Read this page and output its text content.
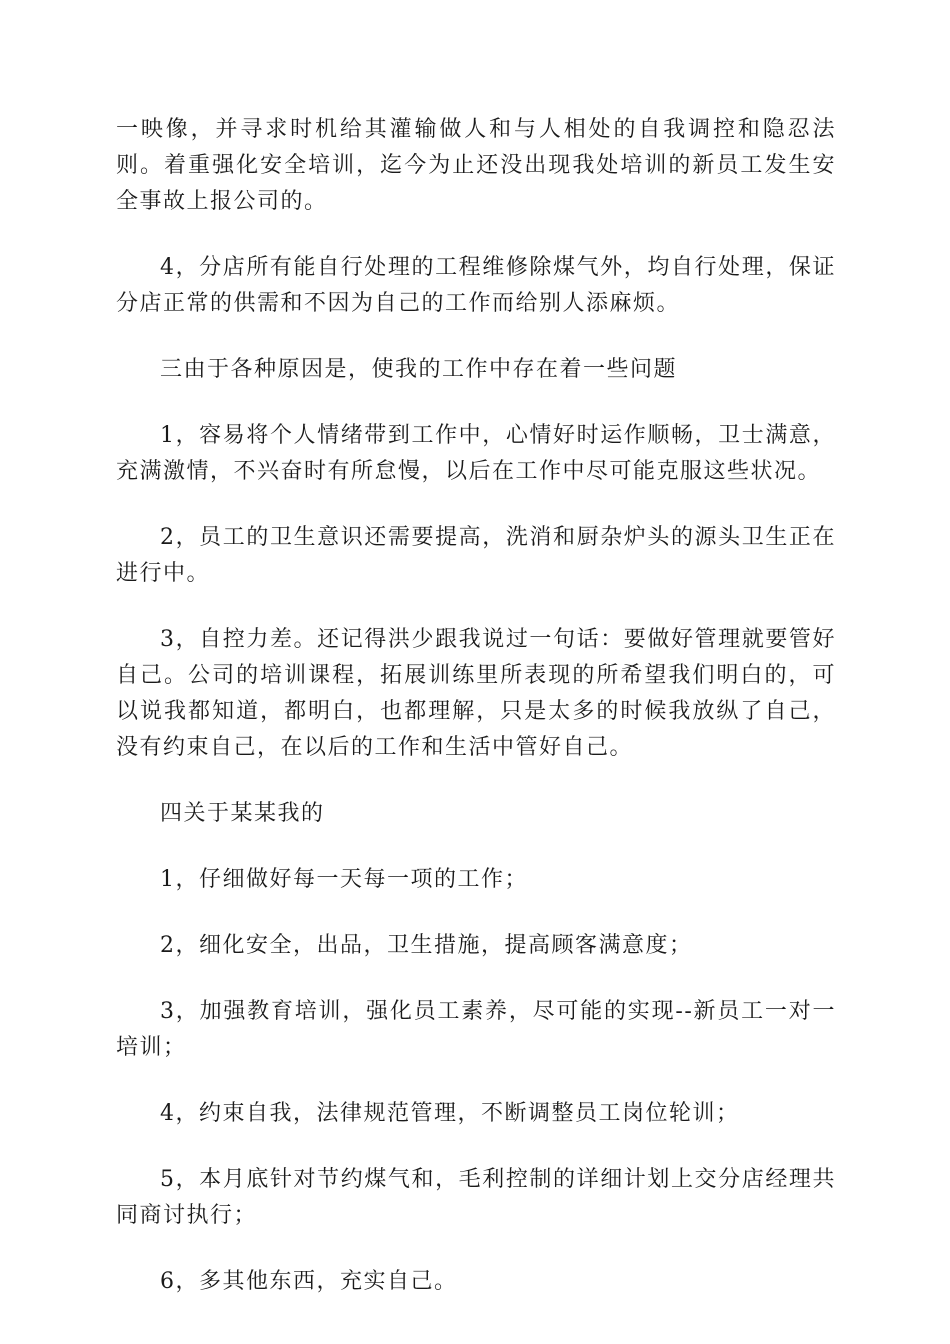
一映像，并寻求时机给其灌输做人和与人相处的自我调控和隐忍法则。着重强化安全培训，迄今为止还没出现我处培训的新员工发生安全事故上报公司的。

4，分店所有能自行处理的工程维修除煤气外，均自行处理，保证分店正常的供需和不因为自己的工作而给别人添麻烦。

三由于各种原因是，使我的工作中存在着一些问题

1，容易将个人情绪带到工作中，心情好时运作顺畅，卫士满意，充满激情，不兴奋时有所怠慢，以后在工作中尽可能克服这些状况。

2，员工的卫生意识还需要提高，洗消和厨杂炉头的源头卫生正在进行中。

3，自控力差。还记得洪少跟我说过一句话：要做好管理就要管好自己。公司的培训课程，拓展训练里所表现的所希望我们明白的，可以说我都知道，都明白，也都理解，只是太多的时候我放纵了自己，没有约束自己，在以后的工作和生活中管好自己。

四关于某某我的

1，仔细做好每一天每一项的工作；

2，细化安全，出品，卫生措施，提高顾客满意度；

3，加强教育培训，强化员工素养，尽可能的实现--新员工一对一培训；

4，约束自我，法律规范管理，不断调整员工岗位轮训；

5，本月底针对节约煤气和，毛利控制的详细计划上交分店经理共同商讨执行；

6，多其他东西，充实自己。
